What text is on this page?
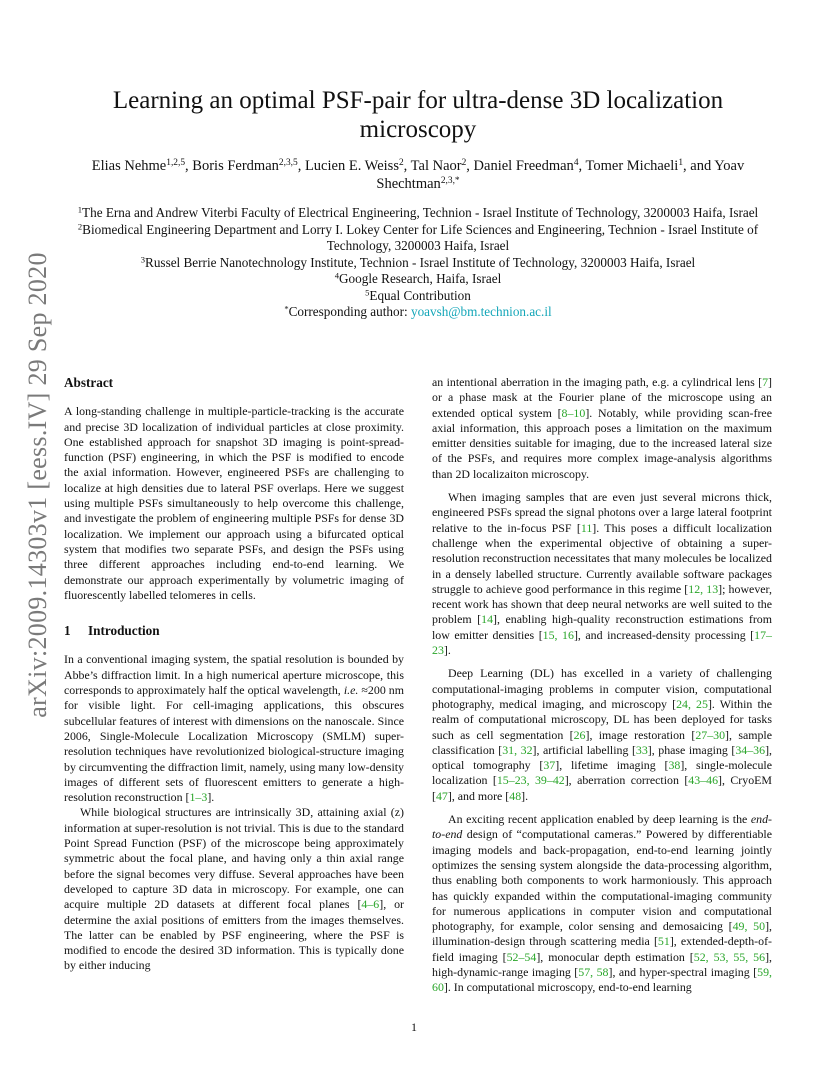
arXiv:2009.14303v1 [eess.IV] 29 Sep 2020
Learning an optimal PSF-pair for ultra-dense 3D localization microscopy
Elias Nehme$^{1,2,5}$, Boris Ferdman$^{2,3,5}$, Lucien E. Weiss$^2$, Tal Naor$^2$, Daniel Freedman$^4$, Tomer Michaeli$^1$, and Yoav Shechtman$^{2,3,*}$
$^1$The Erna and Andrew Viterbi Faculty of Electrical Engineering, Technion - Israel Institute of Technology, 3200003 Haifa, Israel
$^2$Biomedical Engineering Department and Lorry I. Lokey Center for Life Sciences and Engineering, Technion - Israel Institute of Technology, 3200003 Haifa, Israel
$^3$Russel Berrie Nanotechnology Institute, Technion - Israel Institute of Technology, 3200003 Haifa, Israel
$^4$Google Research, Haifa, Israel
$^5$Equal Contribution
*Corresponding author: yoavsh@bm.technion.ac.il
Abstract

A long-standing challenge in multiple-particle-tracking is the accurate and precise 3D localization of individual particles at close proximity. One established approach for snapshot 3D imaging is point-spread-function (PSF) engineering, in which the PSF is modified to encode the axial information. However, engineered PSFs are challenging to localize at high densities due to lateral PSF overlaps. Here we suggest using multiple PSFs simultaneously to help overcome this challenge, and investigate the problem of engineering multiple PSFs for dense 3D localization. We implement our approach using a bifurcated optical system that modifies two separate PSFs, and design the PSFs using three different approaches including end-to-end learning. We demonstrate our approach experimentally by volumetric imaging of fluorescently labelled telomeres in cells.

1 Introduction

In a conventional imaging system, the spatial resolution is bounded by Abbe’s diffraction limit. In a high numerical aperture microscope, this corresponds to approximately half the optical wavelength, i.e. ≈200 nm for visible light. For cell-imaging applications, this obscures subcellular features of interest with dimensions on the nanoscale. Since 2006, Single-Molecule Localization Microscopy (SMLM) super-resolution techniques have revolutionized biological-structure imaging by circumventing the diffraction limit, namely, using many low-density images of different sets of fluorescent emitters to generate a high-resolution reconstruction [1–3].

While biological structures are intrinsically 3D, attaining axial (z) information at super-resolution is not trivial. This is due to the standard Point Spread Function (PSF) of the microscope being approximately symmetric about the focal plane, and having only a thin axial range before the signal becomes very diffuse. Several approaches have been developed to capture 3D data in microscopy. For example, one can acquire multiple 2D datasets at different focal planes [4–6], or determine the axial positions of emitters from the images themselves. The latter can be enabled by PSF engineering, where the PSF is modified to encode the desired 3D information. This is typically done by either inducing

an intentional aberration in the imaging path, e.g. a cylindrical lens [7] or a phase mask at the Fourier plane of the microscope using an extended optical system [8–10]. Notably, while providing scan-free axial information, this approach poses a limitation on the maximum emitter densities suitable for imaging, due to the increased lateral size of the PSFs, and requires more complex image-analysis algorithms than 2D localizaiton microscopy.

When imaging samples that are even just several microns thick, engineered PSFs spread the signal photons over a large lateral footprint relative to the in-focus PSF [11]. This poses a difficult localization challenge when the experimental objective of obtaining a super-resolution reconstruction necessitates that many molecules be localized in a densely labelled structure. Currently available software packages struggle to achieve good performance in this regime [12, 13]; however, recent work has shown that deep neural networks are well suited to the problem [14], enabling high-quality reconstruction estimations from low emitter densities [15, 16], and increased-density processing [17–23].

Deep Learning (DL) has excelled in a variety of challenging computational-imaging problems in computer vision, computational photography, medical imaging, and microscopy [24, 25]. Within the realm of computational microscopy, DL has been deployed for tasks such as cell segmentation [26], image restoration [27–30], sample classification [31, 32], artificial labelling [33], phase imaging [34–36], optical tomography [37], lifetime imaging [38], single-molecule localization [15–23, 39–42], aberration correction [43–46], CryoEM [47], and more [48].

An exciting recent application enabled by deep learning is the end-to-end design of “computational cameras.” Powered by differentiable imaging models and back-propagation, end-to-end learning jointly optimizes the sensing system alongside the data-processing algorithm, thus enabling both components to work harmoniously. This approach has quickly expanded within the computational-imaging community for numerous applications in computer vision and computational photography, for example, color sensing and demosaicing [49, 50], illumination-design through scattering media [51], extended-depth-of-field imaging [52–54], monocular depth estimation [52, 53, 55, 56], high-dynamic-range imaging [57, 58], and hyper-spectral imaging [59, 60]. In computational microscopy, end-to-end learning

1
